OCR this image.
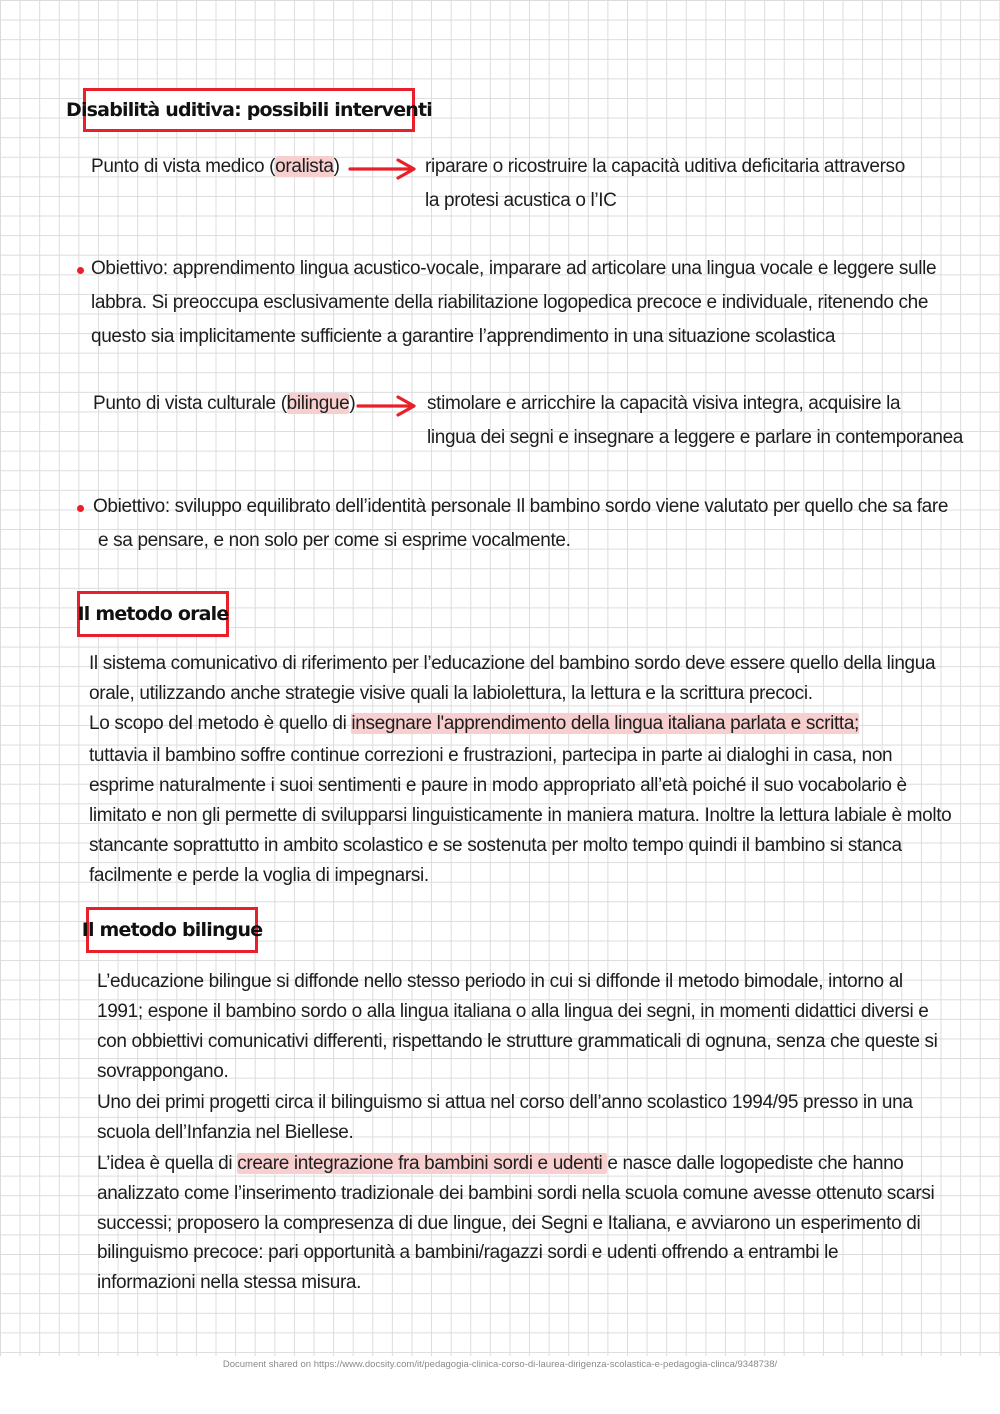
Disabilità uditiva: possibili interventi
Punto di vista medico (oralista)	riparare o ricostruire la capacità uditiva deficitaria attraverso
la protesi acustica o l’IC
Obiettivo: apprendimento lingua acustico-vocale, imparare ad articolare una lingua vocale e leggere sulle
labbra. Si preoccupa esclusivamente della riabilitazione logopedica precoce e individuale, ritenendo che
questo sia implicitamente sufficiente a garantire l’apprendimento in una situazione scolastica
Punto di vista culturale (bilingue)	stimolare e arricchire la capacità visiva integra, acquisire la
lingua dei segni e insegnare a leggere e parlare in contemporanea
Obiettivo: sviluppo equilibrato dell’identità personale Il bambino sordo viene valutato per quello che sa fare
e sa pensare, e non solo per come si esprime vocalmente.
Il metodo orale
Il sistema comunicativo di riferimento per l’educazione del bambino sordo deve essere quello della lingua
orale, utilizzando anche strategie visive quali la labiolettura, la lettura e la scrittura precoci.
Lo scopo del metodo è quello di insegnare l'apprendimento della lingua italiana parlata e scritta;
tuttavia il bambino soffre continue correzioni e frustrazioni, partecipa in parte ai dialoghi in casa, non
esprime naturalmente i suoi sentimenti e paure in modo appropriato all’età poiché il suo vocabolario è
limitato e non gli permette di svilupparsi linguisticamente in maniera matura. Inoltre la lettura labiale è molto
stancante soprattutto in ambito scolastico e se sostenuta per molto tempo quindi il bambino si stanca
facilmente e perde la voglia di impegnarsi.
Il metodo bilingue
L’educazione bilingue si diffonde nello stesso periodo in cui si diffonde il metodo bimodale, intorno al
1991; espone il bambino sordo o alla lingua italiana o alla lingua dei segni, in momenti didattici diversi e
con obbiettivi comunicativi differenti, rispettando le strutture grammaticali di ognuna, senza che queste si
sovrappongano.
Uno dei primi progetti circa il bilinguismo si attua nel corso dell’anno scolastico 1994/95 presso in una
scuola dell’Infanzia nel Biellese.
L’idea è quella di creare integrazione fra bambini sordi e udenti e nasce dalle logopediste che hanno
analizzato come l’inserimento tradizionale dei bambini sordi nella scuola comune avesse ottenuto scarsi
successi; proposero la compresenza di due lingue, dei Segni e Italiana, e avviarono un esperimento di
bilinguismo precoce: pari opportunità a bambini/ragazzi sordi e udenti offrendo a entrambi le
informazioni nella stessa misura.
Document shared on https://www.docsity.com/it/pedagogia-clinica-corso-di-laurea-dirigenza-scolastica-e-pedagogia-clinca/9348738/
